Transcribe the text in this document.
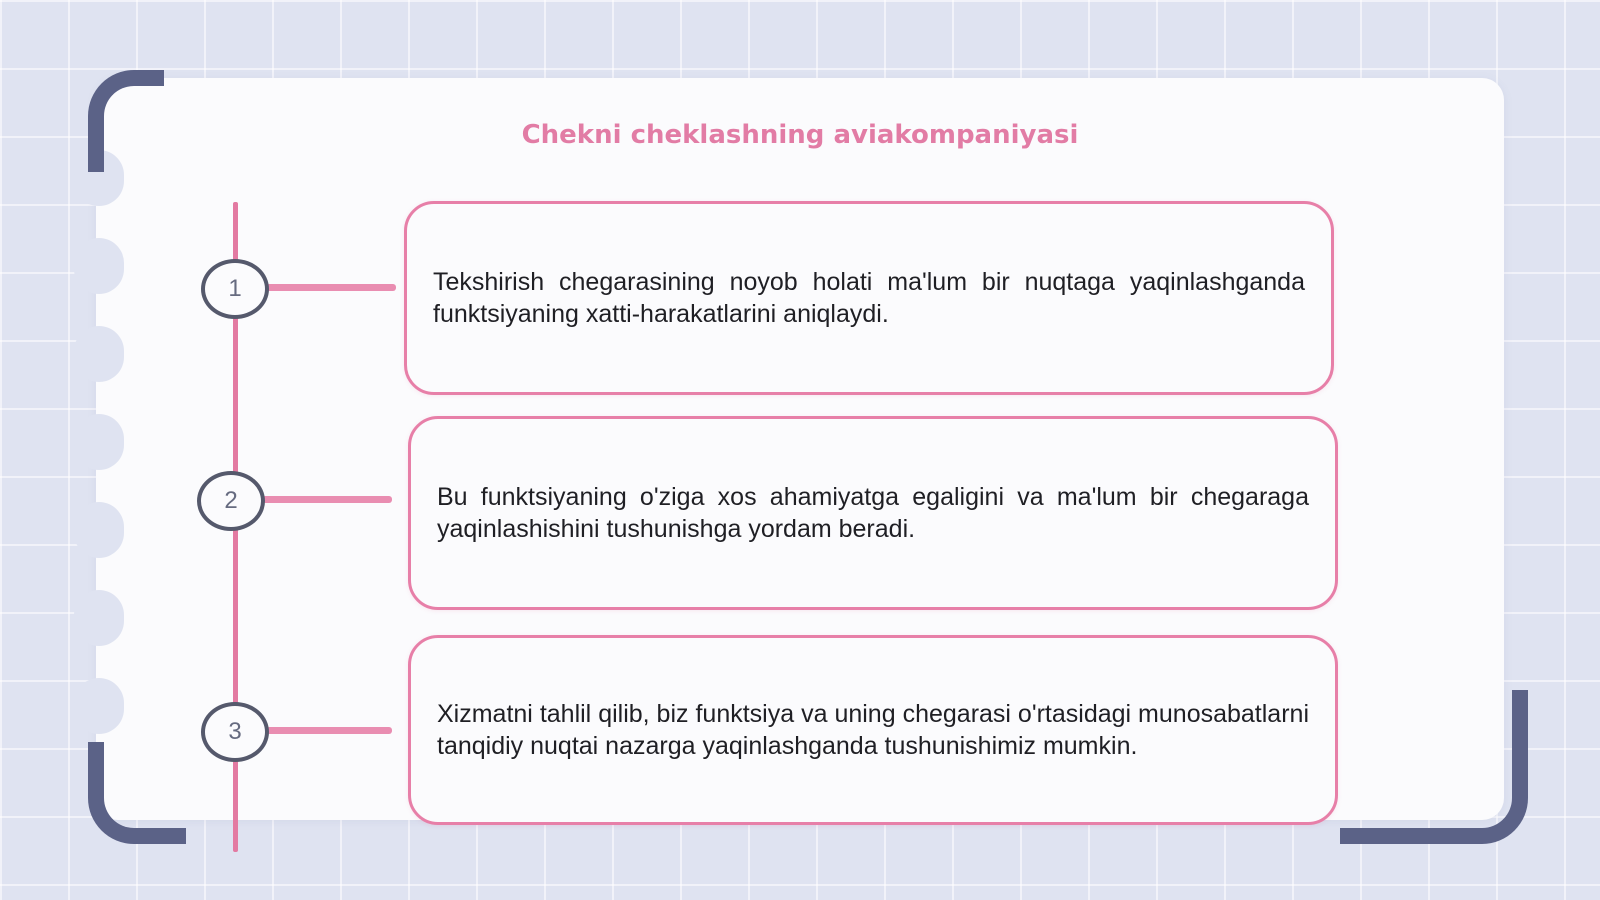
Chekni cheklashning aviakompaniyasi
1
2
3
Tekshirish chegarasining noyob holati ma'lum bir nuqtaga yaqinlashganda funktsiyaning xatti-harakatlarini aniqlaydi.
Bu funktsiyaning o'ziga xos ahamiyatga egaligini va ma'lum bir chegaraga yaqinlashishini tushunishga yordam beradi.
Xizmatni tahlil qilib, biz funktsiya va uning chegarasi o'rtasidagi munosabatlarni tanqidiy nuqtai nazarga yaqinlashganda tushunishimiz mumkin.
